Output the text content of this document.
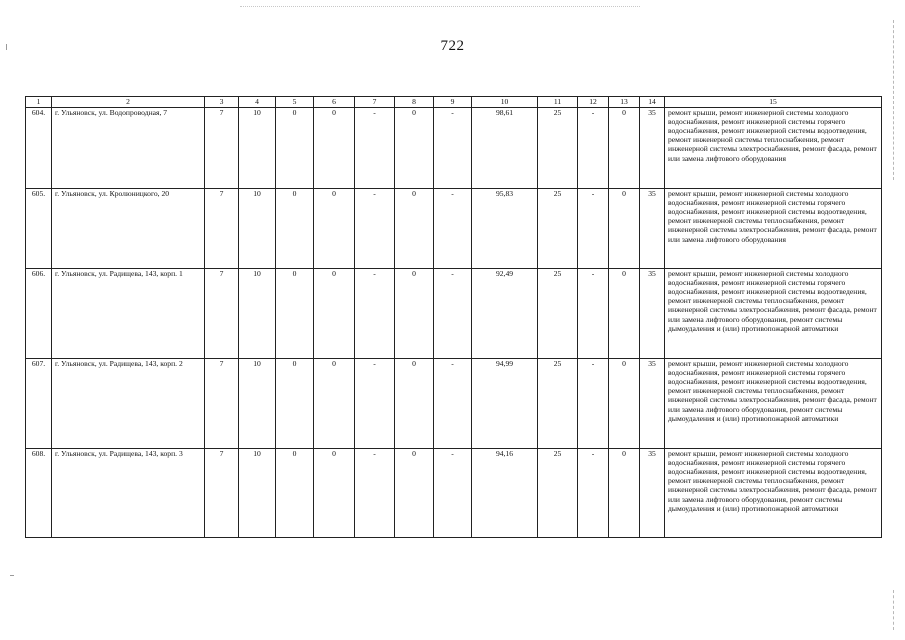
722
1	2	3	4	5	6	7	8	9	10	11	12	13	14	15
604.	г. Ульяновск, ул. Водопроводная, 7	7	10	0	0	-	0	-	98,61	25	-	0	35	ремонт крыши, ремонт инженерной системы холодного водоснабжения, ремонт инженерной системы горячего водоснабжения, ремонт инженерной системы водоотведения, ремонт инженерной системы теплоснабжения, ремонт инженерной системы электроснабжения, ремонт фасада, ремонт или замена лифтового оборудования
605.	г. Ульяновск, ул. Кролюницкого, 20	7	10	0	0	-	0	-	95,83	25	-	0	35	ремонт крыши, ремонт инженерной системы холодного водоснабжения, ремонт инженерной системы горячего водоснабжения, ремонт инженерной системы водоотведения, ремонт инженерной системы теплоснабжения, ремонт инженерной системы электроснабжения, ремонт фасада, ремонт или замена лифтового оборудования
606.	г. Ульяновск, ул. Радищева, 143, корп. 1	7	10	0	0	-	0	-	92,49	25	-	0	35	ремонт крыши, ремонт инженерной системы холодного водоснабжения, ремонт инженерной системы горячего водоснабжения, ремонт инженерной системы водоотведения, ремонт инженерной системы теплоснабжения, ремонт инженерной системы электроснабжения, ремонт фасада, ремонт или замена лифтового оборудования, ремонт системы дымоудаления и (или) противопожарной автоматики
607.	г. Ульяновск, ул. Радищева, 143, корп. 2	7	10	0	0	-	0	-	94,99	25	-	0	35	ремонт крыши, ремонт инженерной системы холодного водоснабжения, ремонт инженерной системы горячего водоснабжения, ремонт инженерной системы водоотведения, ремонт инженерной системы теплоснабжения, ремонт инженерной системы электроснабжения, ремонт фасада, ремонт или замена лифтового оборудования, ремонт системы дымоудаления и (или) противопожарной автоматики
608.	г. Ульяновск, ул. Радищева, 143, корп. 3	7	10	0	0	-	0	-	94,16	25	-	0	35	ремонт крыши, ремонт инженерной системы холодного водоснабжения, ремонт инженерной системы горячего водоснабжения, ремонт инженерной системы водоотведения, ремонт инженерной системы теплоснабжения, ремонт инженерной системы электроснабжения, ремонт фасада, ремонт или замена лифтового оборудования, ремонт системы дымоудаления и (или) противопожарной автоматики
